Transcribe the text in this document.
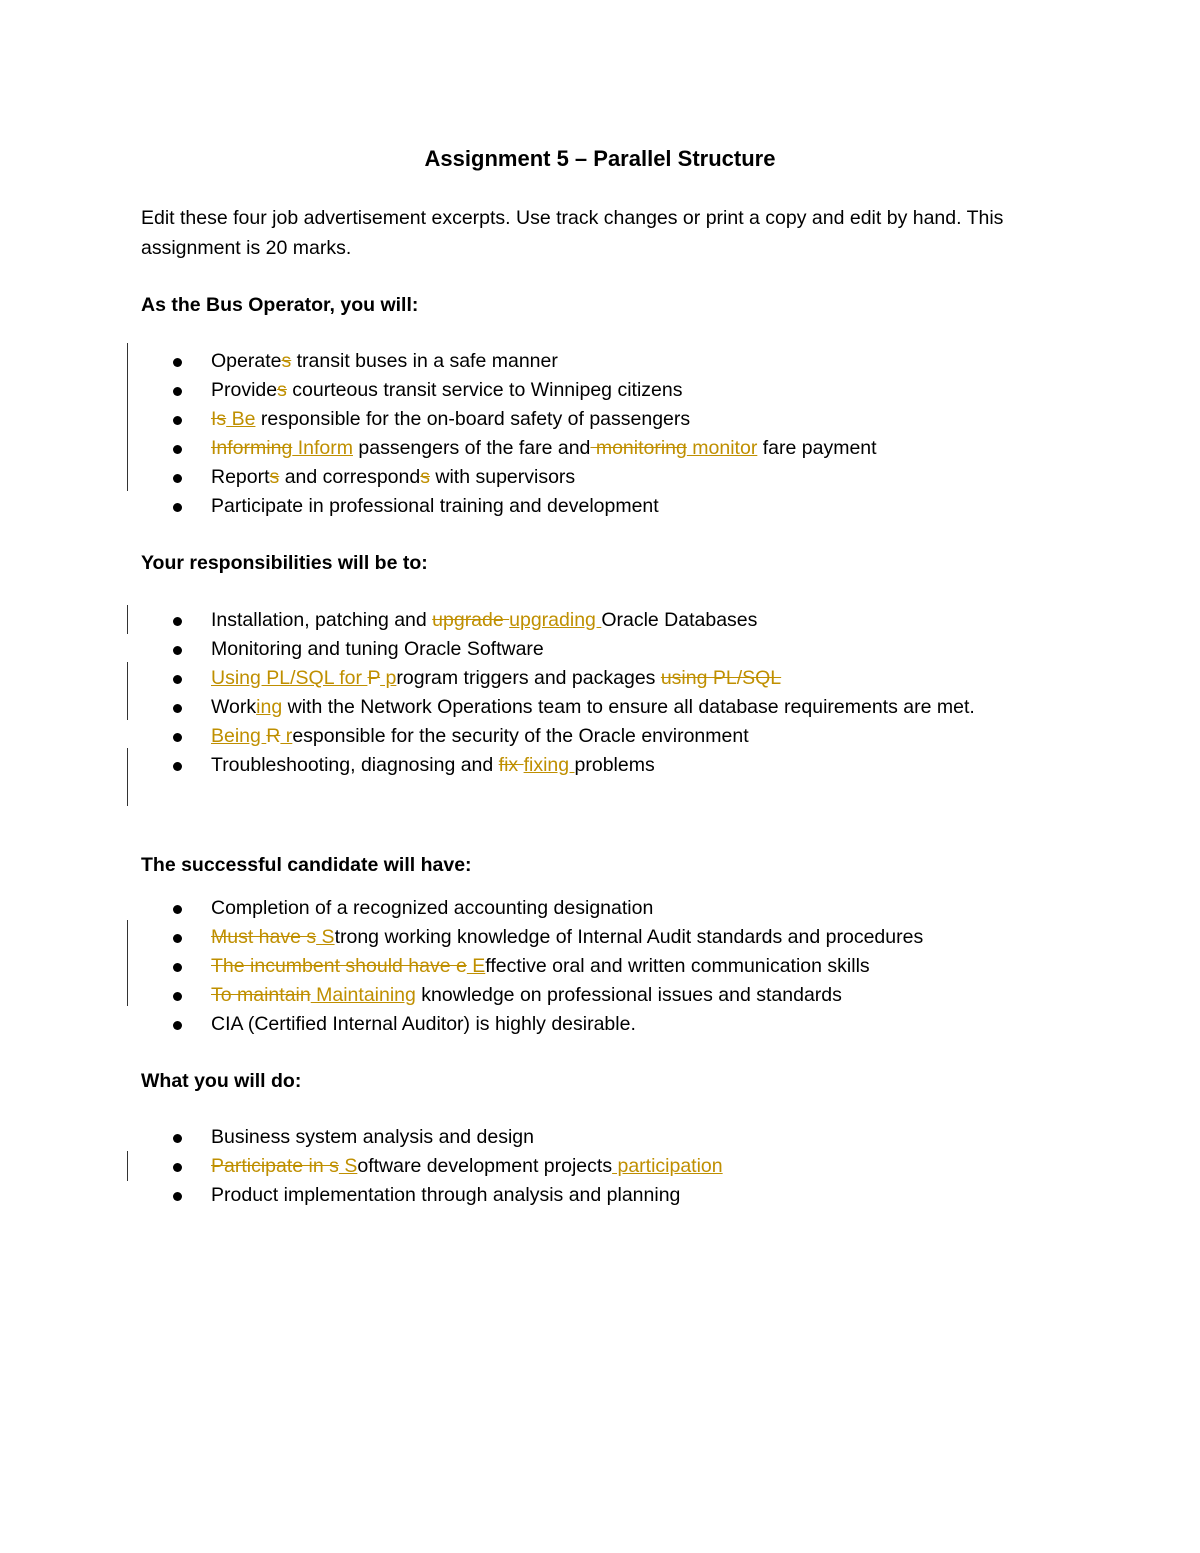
Assignment 5 – Parallel Structure

Edit these four job advertisement excerpts. Use track changes or print a copy and edit by hand. This assignment is 20 marks.

As the Bus Operator, you will:
Operates transit buses in a safe manner
Provides courteous transit service to Winnipeg citizens
Is Be responsible for the on-board safety of passengers
Informing Inform passengers of the fare and monitoring monitor fare payment
Reports and corresponds with supervisors
Participate in professional training and development
Your responsibilities will be to:
Installation, patching and upgrade upgrading Oracle Databases
Monitoring and tuning Oracle Software
Using PL/SQL for P program triggers and packages using PL/SQL
Working with the Network Operations team to ensure all database requirements are met.
Being R responsible for the security of the Oracle environment
Troubleshooting, diagnosing and fix fixing problems
The successful candidate will have:
Completion of a recognized accounting designation
Must have s Strong working knowledge of Internal Audit standards and procedures
The incumbent should have e Effective oral and written communication skills
To maintain Maintaining knowledge on professional issues and standards
CIA (Certified Internal Auditor) is highly desirable.
What you will do:
Business system analysis and design
Participate in s Software development projects participation
Product implementation through analysis and planning
